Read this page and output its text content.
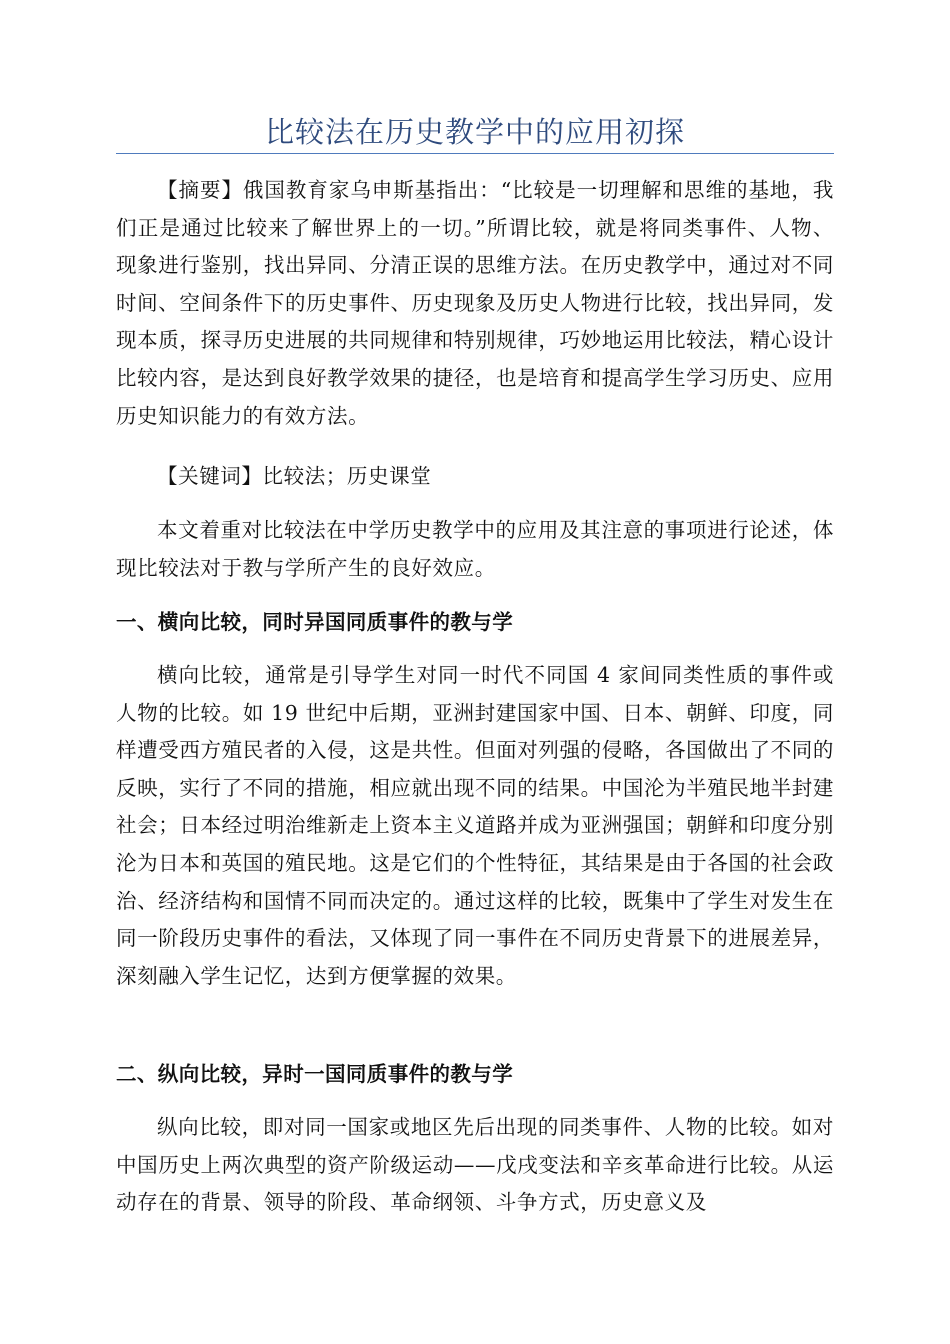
比较法在历史教学中的应用初探

【摘要】俄国教育家乌申斯基指出：“比较是一切理解和思维的基地，我们正是通过比较来了解世界上的一切。”所谓比较，就是将同类事件、人物、现象进行鉴别，找出异同、分清正误的思维方法。在历史教学中，通过对不同时间、空间条件下的历史事件、历史现象及历史人物进行比较，找出异同，发现本质，探寻历史进展的共同规律和特别规律，巧妙地运用比较法，精心设计比较内容，是达到良好教学效果的捷径，也是培育和提高学生学习历史、应用历史知识能力的有效方法。

【关键词】比较法；历史课堂

本文着重对比较法在中学历史教学中的应用及其注意的事项进行论述，体现比较法对于教与学所产生的良好效应。

一、横向比较，同时异国同质事件的教与学

横向比较，通常是引导学生对同一时代不同国 4 家间同类性质的事件或人物的比较。如 19 世纪中后期，亚洲封建国家中国、日本、朝鲜、印度，同样遭受西方殖民者的入侵，这是共性。但面对列强的侵略，各国做出了不同的反映，实行了不同的措施，相应就出现不同的结果。中国沦为半殖民地半封建社会；日本经过明治维新走上资本主义道路并成为亚洲强国；朝鲜和印度分别沦为日本和英国的殖民地。这是它们的个性特征，其结果是由于各国的社会政治、经济结构和国情不同而决定的。通过这样的比较，既集中了学生对发生在同一阶段历史事件的看法，又体现了同一事件在不同历史背景下的进展差异，深刻融入学生记忆，达到方便掌握的效果。

二、纵向比较，异时一国同质事件的教与学

纵向比较，即对同一国家或地区先后出现的同类事件、人物的比较。如对中国历史上两次典型的资产阶级运动——戊戌变法和辛亥革命进行比较。从运动存在的背景、领导的阶段、革命纲领、斗争方式，历史意义及
